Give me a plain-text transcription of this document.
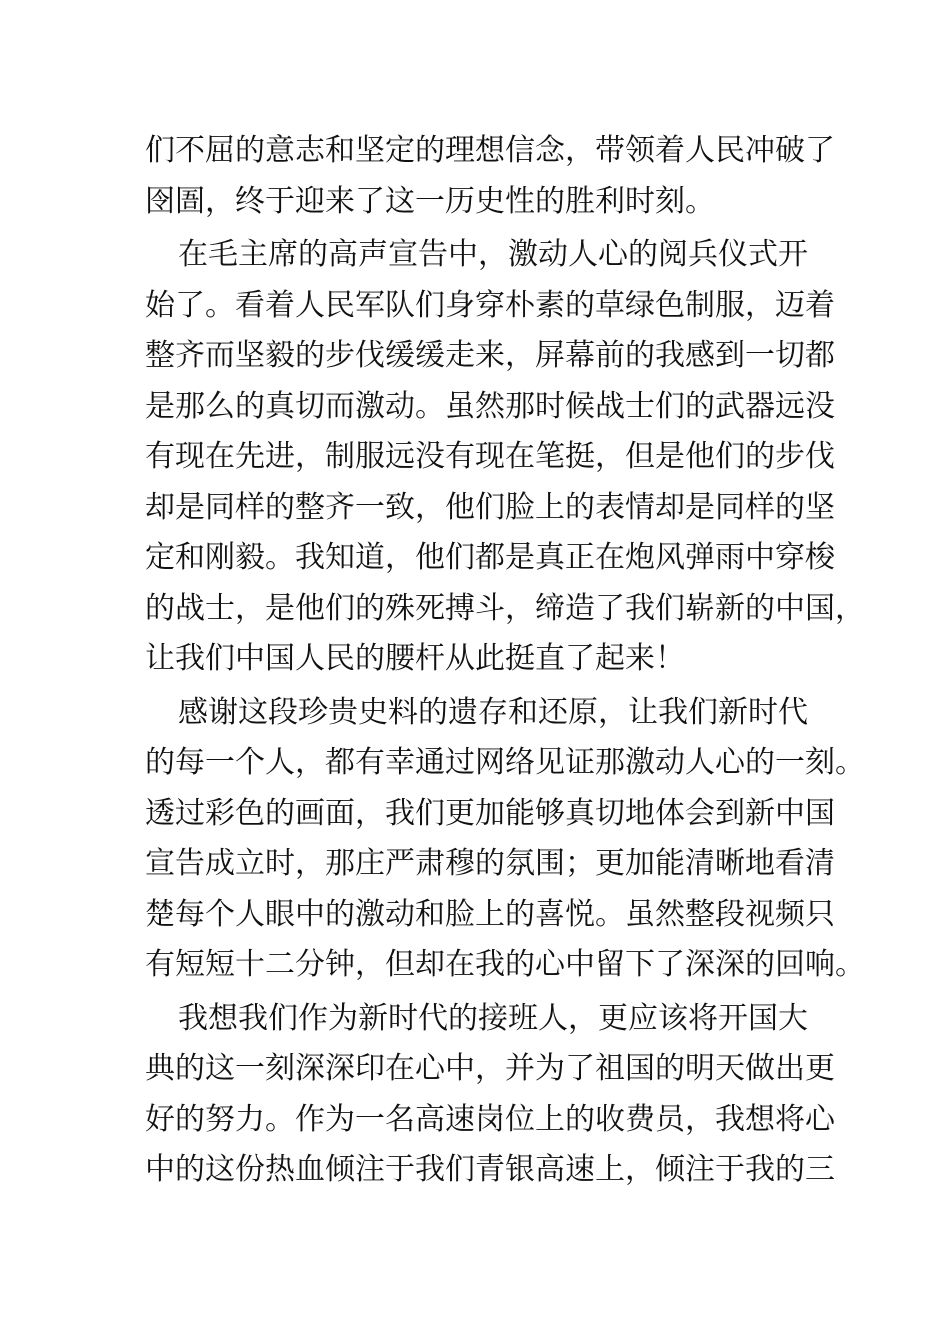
们不屈的意志和坚定的理想信念，带领着人民冲破了
囹圄，终于迎来了这一历史性的胜利时刻。
在毛主席的高声宣告中，激动人心的阅兵仪式开
始了。看着人民军队们身穿朴素的草绿色制服，迈着
整齐而坚毅的步伐缓缓走来，屏幕前的我感到一切都
是那么的真切而激动。虽然那时候战士们的武器远没
有现在先进，制服远没有现在笔挺，但是他们的步伐
却是同样的整齐一致，他们脸上的表情却是同样的坚
定和刚毅。我知道，他们都是真正在炮风弹雨中穿梭
的战士，是他们的殊死搏斗，缔造了我们崭新的中国，
让我们中国人民的腰杆从此挺直了起来！
感谢这段珍贵史料的遗存和还原，让我们新时代
的每一个人，都有幸通过网络见证那激动人心的一刻。
透过彩色的画面，我们更加能够真切地体会到新中国
宣告成立时，那庄严肃穆的氛围；更加能清晰地看清
楚每个人眼中的激动和脸上的喜悦。虽然整段视频只
有短短十二分钟，但却在我的心中留下了深深的回响。
我想我们作为新时代的接班人，更应该将开国大
典的这一刻深深印在心中，并为了祖国的明天做出更
好的努力。作为一名高速岗位上的收费员，我想将心
中的这份热血倾注于我们青银高速上，倾注于我的三
